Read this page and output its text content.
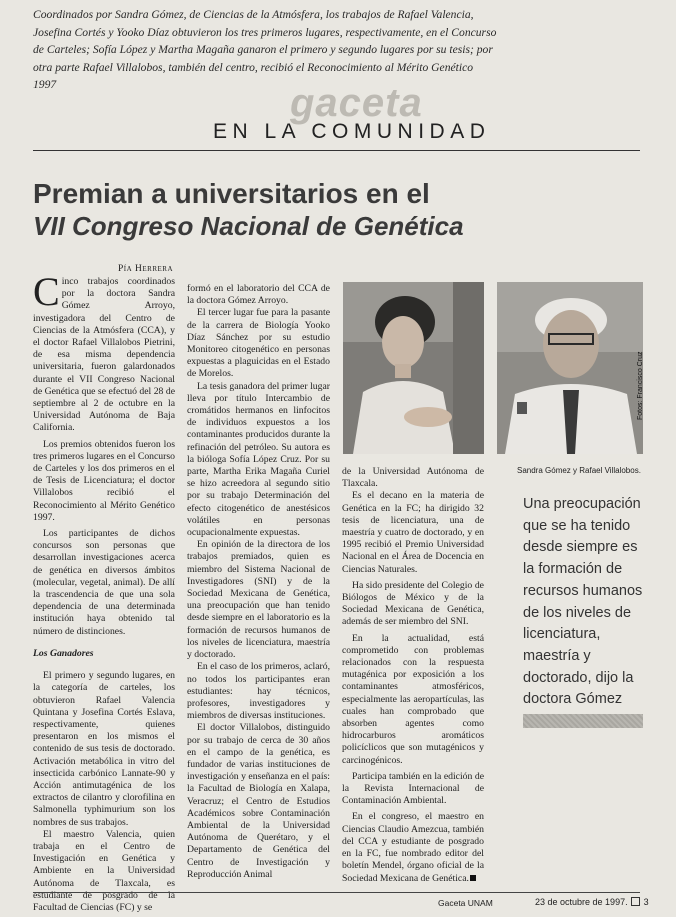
Coordinados por Sandra Gómez, de Ciencias de la Atmósfera, los trabajos de Rafael Valencia, Josefina Cortés y Yooko Díaz obtuvieron los tres primeros lugares, respectivamente, en el Concurso de Carteles; Sofía López y Martha Magaña ganaron el primero y segundo lugares por su tesis; por otra parte Rafael Villalobos, también del centro, recibió el Reconocimiento al Mérito Genético 1997	gaceta
EN LA COMUNIDAD
Premian a universitarios en el
VII Congreso Nacional de Genética
Pía Herrera

Cinco trabajos coordinados por la doctora Sandra Gómez Arroyo, investigadora del Centro de Ciencias de la Atmósfera (CCA), y el doctor Rafael Villalobos Pietrini, de esa misma dependencia universitaria, fueron galardonados durante el VII Congreso Nacional de Genética que se efectuó del 28 de septiembre al 2 de octubre en la Universidad Autónoma de Baja California.

Los premios obtenidos fueron los tres primeros lugares en el Concurso de Carteles y los dos primeros en el de Tesis de Licenciatura; el doctor Villalobos recibió el Reconocimiento al Mérito Genético 1997.

Los participantes de dichos concursos son personas que desarrollan investigaciones acerca de genética en diversos ámbitos (molecular, vegetal, animal). De allí la trascendencia de que una sola dependencia de una determinada institución haya obtenido tal número de distinciones.

Los Ganadores

El primero y segundo lugares, en la categoría de carteles, los obtuvieron Rafael Valencia Quintana y Josefina Cortés Eslava, respectivamente, quienes presentaron en los mismos el contenido de sus tesis de doctorado. Activación metabólica in vitro del insecticida carbónico Lannate-90 y Acción antimutagénica de los extractos de cilantro y clorofilina en Salmonella typhimurium son los nombres de sus trabajos.

El maestro Valencia, quien trabaja en el Centro de Investigación en Genética y Ambiente en la Universidad Autónoma de Tlaxcala, es estudiante de posgrado de la Facultad de Ciencias (FC) y se

formó en el laboratorio del CCA de la doctora Gómez Arroyo.

El tercer lugar fue para la pasante de la carrera de Biología Yooko Díaz Sánchez por su estudio Monitoreo citogenético en personas expuestas a plaguicidas en el Estado de Morelos.

La tesis ganadora del primer lugar lleva por título Intercambio de cromátidos hermanos en linfocitos de individuos expuestos a los contaminantes producidos durante la refinación del petróleo. Su autora es la bióloga Sofía López Cruz. Por su parte, Martha Erika Magaña Curiel se hizo acreedora al segundo sitio por su trabajo Determinación del efecto citogenético de anestésicos volátiles en personas ocupacionalmente expuestas.

En opinión de la directora de los trabajos premiados, quien es miembro del Sistema Nacional de Investigadores (SNI) y de la Sociedad Mexicana de Genética, una preocupación que han tenido desde siempre en el laboratorio es la formación de recursos humanos de los niveles de licenciatura, maestría y doctorado.

En el caso de los primeros, aclaró, no todos los participantes eran estudiantes: hay técnicos, profesores, investigadores y miembros de diversas instituciones.

El doctor Villalobos, distinguido por su trabajo de cerca de 30 años en el campo de la genética, es fundador de varias instituciones de investigación y enseñanza en el país: la Facultad de Biología en Xalapa, Veracruz; el Centro de Estudios Académicos sobre Contaminación Ambiental de la Universidad Autónoma de Querétaro, y el Departamento de Genética del Centro de Investigación y Reproducción Animal

Fotos: Francisco Cruz
Sandra Gómez y Rafael Villalobos.

de la Universidad Autónoma de Tlaxcala.

Es el decano en la materia de Genética en la FC; ha dirigido 32 tesis de licenciatura, una de maestría y cuatro de doctorado, y en 1995 recibió el Premio Universidad Nacional en el Área de Docencia en Ciencias Naturales.

Ha sido presidente del Colegio de Biólogos de México y de la Sociedad Mexicana de Genética, además de ser miembro del SNI.

En la actualidad, está comprometido con problemas relacionados con la respuesta mutagénica por exposición a los contaminantes atmosféricos, especialmente las aeropartículas, las cuales han comprobado que absorben agentes como hidrocarburos aromáticos policíclicos que son mutagénicos y carcinogénicos.

Participa también en la edición de la Revista Internacional de Contaminación Ambiental.

En el congreso, el maestro en Ciencias Claudio Amezcua, también del CCA y estudiante de posgrado en la FC, fue nombrado editor del boletín Mendel, órgano oficial de la Sociedad Mexicana de Genética.

Una preocupación que se ha tenido desde siempre es la formación de recursos humanos de los niveles de licenciatura, maestría y doctorado, dijo la doctora Gómez
Gaceta UNAM	23 de octubre de 1997. 3
